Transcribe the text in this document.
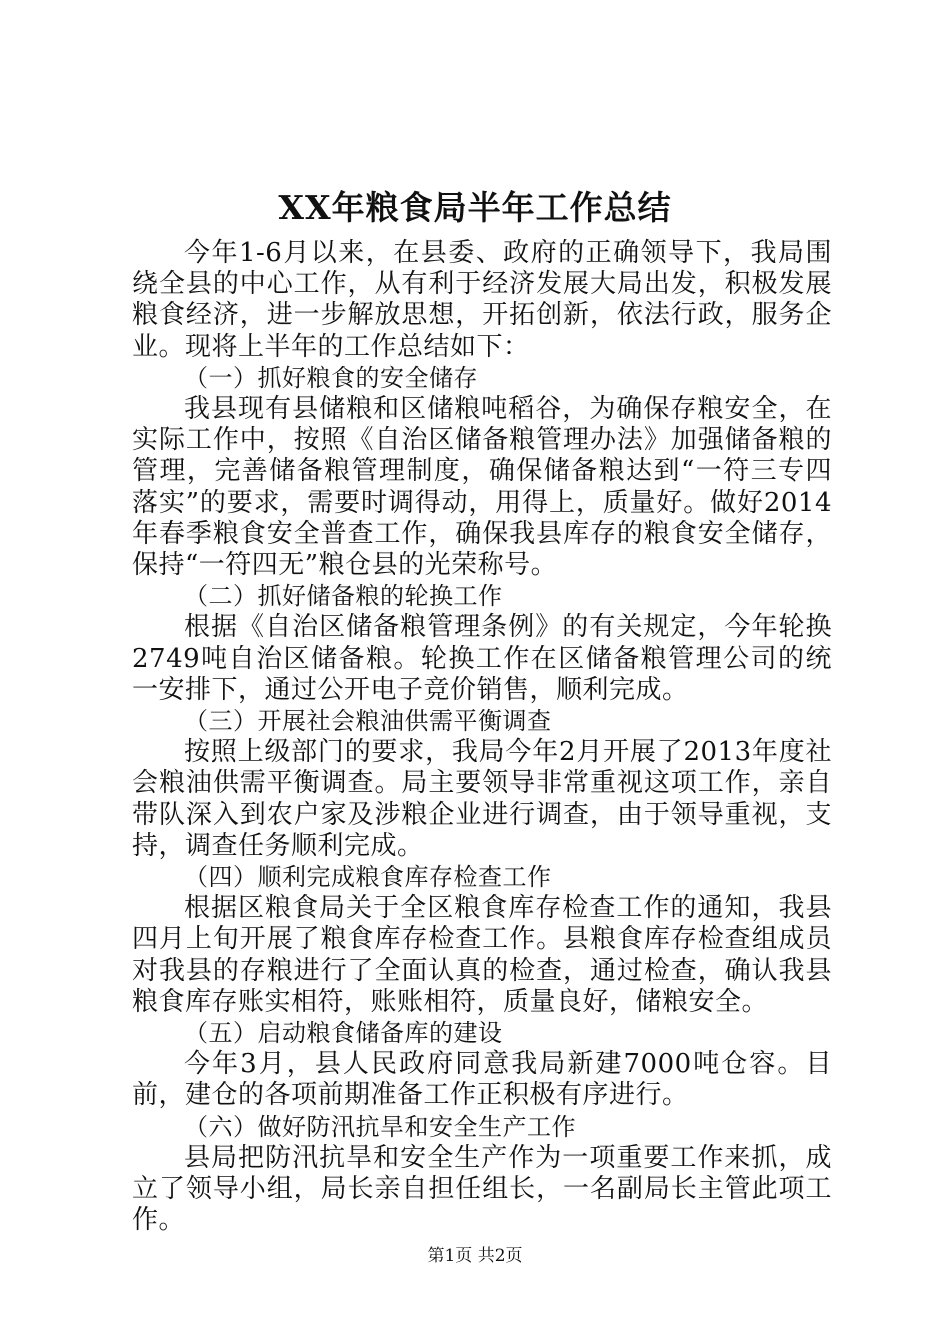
XX年粮食局半年工作总结

今年1-6月以来，在县委、政府的正确领导下，我局围绕全县的中心工作，从有利于经济发展大局出发，积极发展粮食经济，进一步解放思想，开拓创新，依法行政，服务企业。现将上半年的工作总结如下：

（一）抓好粮食的安全储存

我县现有县储粮和区储粮吨稻谷，为确保存粮安全，在实际工作中，按照《自治区储备粮管理办法》加强储备粮的管理，完善储备粮管理制度，确保储备粮达到“一符三专四落实”的要求，需要时调得动，用得上，质量好。做好2014年春季粮食安全普查工作，确保我县库存的粮食安全储存，保持“一符四无”粮仓县的光荣称号。

（二）抓好储备粮的轮换工作

根据《自治区储备粮管理条例》的有关规定，今年轮换2749吨自治区储备粮。轮换工作在区储备粮管理公司的统一安排下，通过公开电子竞价销售，顺利完成。

（三）开展社会粮油供需平衡调查

按照上级部门的要求，我局今年2月开展了2013年度社会粮油供需平衡调查。局主要领导非常重视这项工作，亲自带队深入到农户家及涉粮企业进行调查，由于领导重视，支持，调查任务顺利完成。

（四）顺利完成粮食库存检查工作

根据区粮食局关于全区粮食库存检查工作的通知，我县四月上旬开展了粮食库存检查工作。县粮食库存检查组成员对我县的存粮进行了全面认真的检查，通过检查，确认我县粮食库存账实相符，账账相符，质量良好，储粮安全。

（五）启动粮食储备库的建设

今年3月，县人民政府同意我局新建7000吨仓容。目前，建仓的各项前期准备工作正积极有序进行。

（六）做好防汛抗旱和安全生产工作

县局把防汛抗旱和安全生产作为一项重要工作来抓，成立了领导小组，局长亲自担任组长，一名副局长主管此项工作。

第1页 共2页
